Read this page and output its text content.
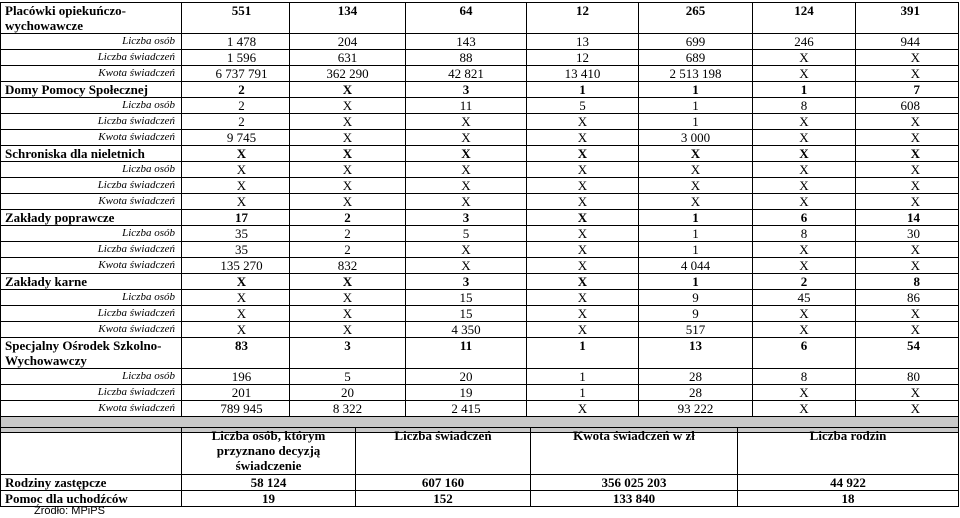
Placówki opiekuńczo-wychowawcze	551	134	64	12	265	124	391
Liczba osób	1 478	204	143	13	699	246	944
Liczba świadczeń	1 596	631	88	12	689	X	X
Kwota świadczeń	6 737 791	362 290	42 821	13 410	2 513 198	X	X
Domy Pomocy Społecznej	2	X	3	1	1	1	7
Liczba osób	2	X	11	5	1	8	608
Liczba świadczeń	2	X	X	X	1	X	X
Kwota świadczeń	9 745	X	X	X	3 000	X	X
Schroniska dla nieletnich	X	X	X	X	X	X	X
Liczba osób	X	X	X	X	X	X	X
Liczba świadczeń	X	X	X	X	X	X	X
Kwota świadczeń	X	X	X	X	X	X	X
Zakłady poprawcze	17	2	3	X	1	6	14
Liczba osób	35	2	5	X	1	8	30
Liczba świadczeń	35	2	X	X	1	X	X
Kwota świadczeń	135 270	832	X	X	4 044	X	X
Zakłady karne	X	X	3	X	1	2	8
Liczba osób	X	X	15	X	9	45	86
Liczba świadczeń	X	X	15	X	9	X	X
Kwota świadczeń	X	X	4 350	X	517	X	X
Specjalny Ośrodek Szkolno-Wychowawczy	83	3	11	1	13	6	54
Liczba osób	196	5	20	1	28	8	80
Liczba świadczeń	201	20	19	1	28	X	X
Kwota świadczeń	789 945	8 322	2 415	X	93 222	X	X

	Liczba osób, którym przyznano decyzją świadczenie	Liczba świadczeń	Kwota świadczeń w zł	Liczba rodzin
Rodziny zastępcze	58 124	607 160	356 025 203	44 922
Pomoc dla uchodźców	19	152	133 840	18
Źródło: MPiPS
